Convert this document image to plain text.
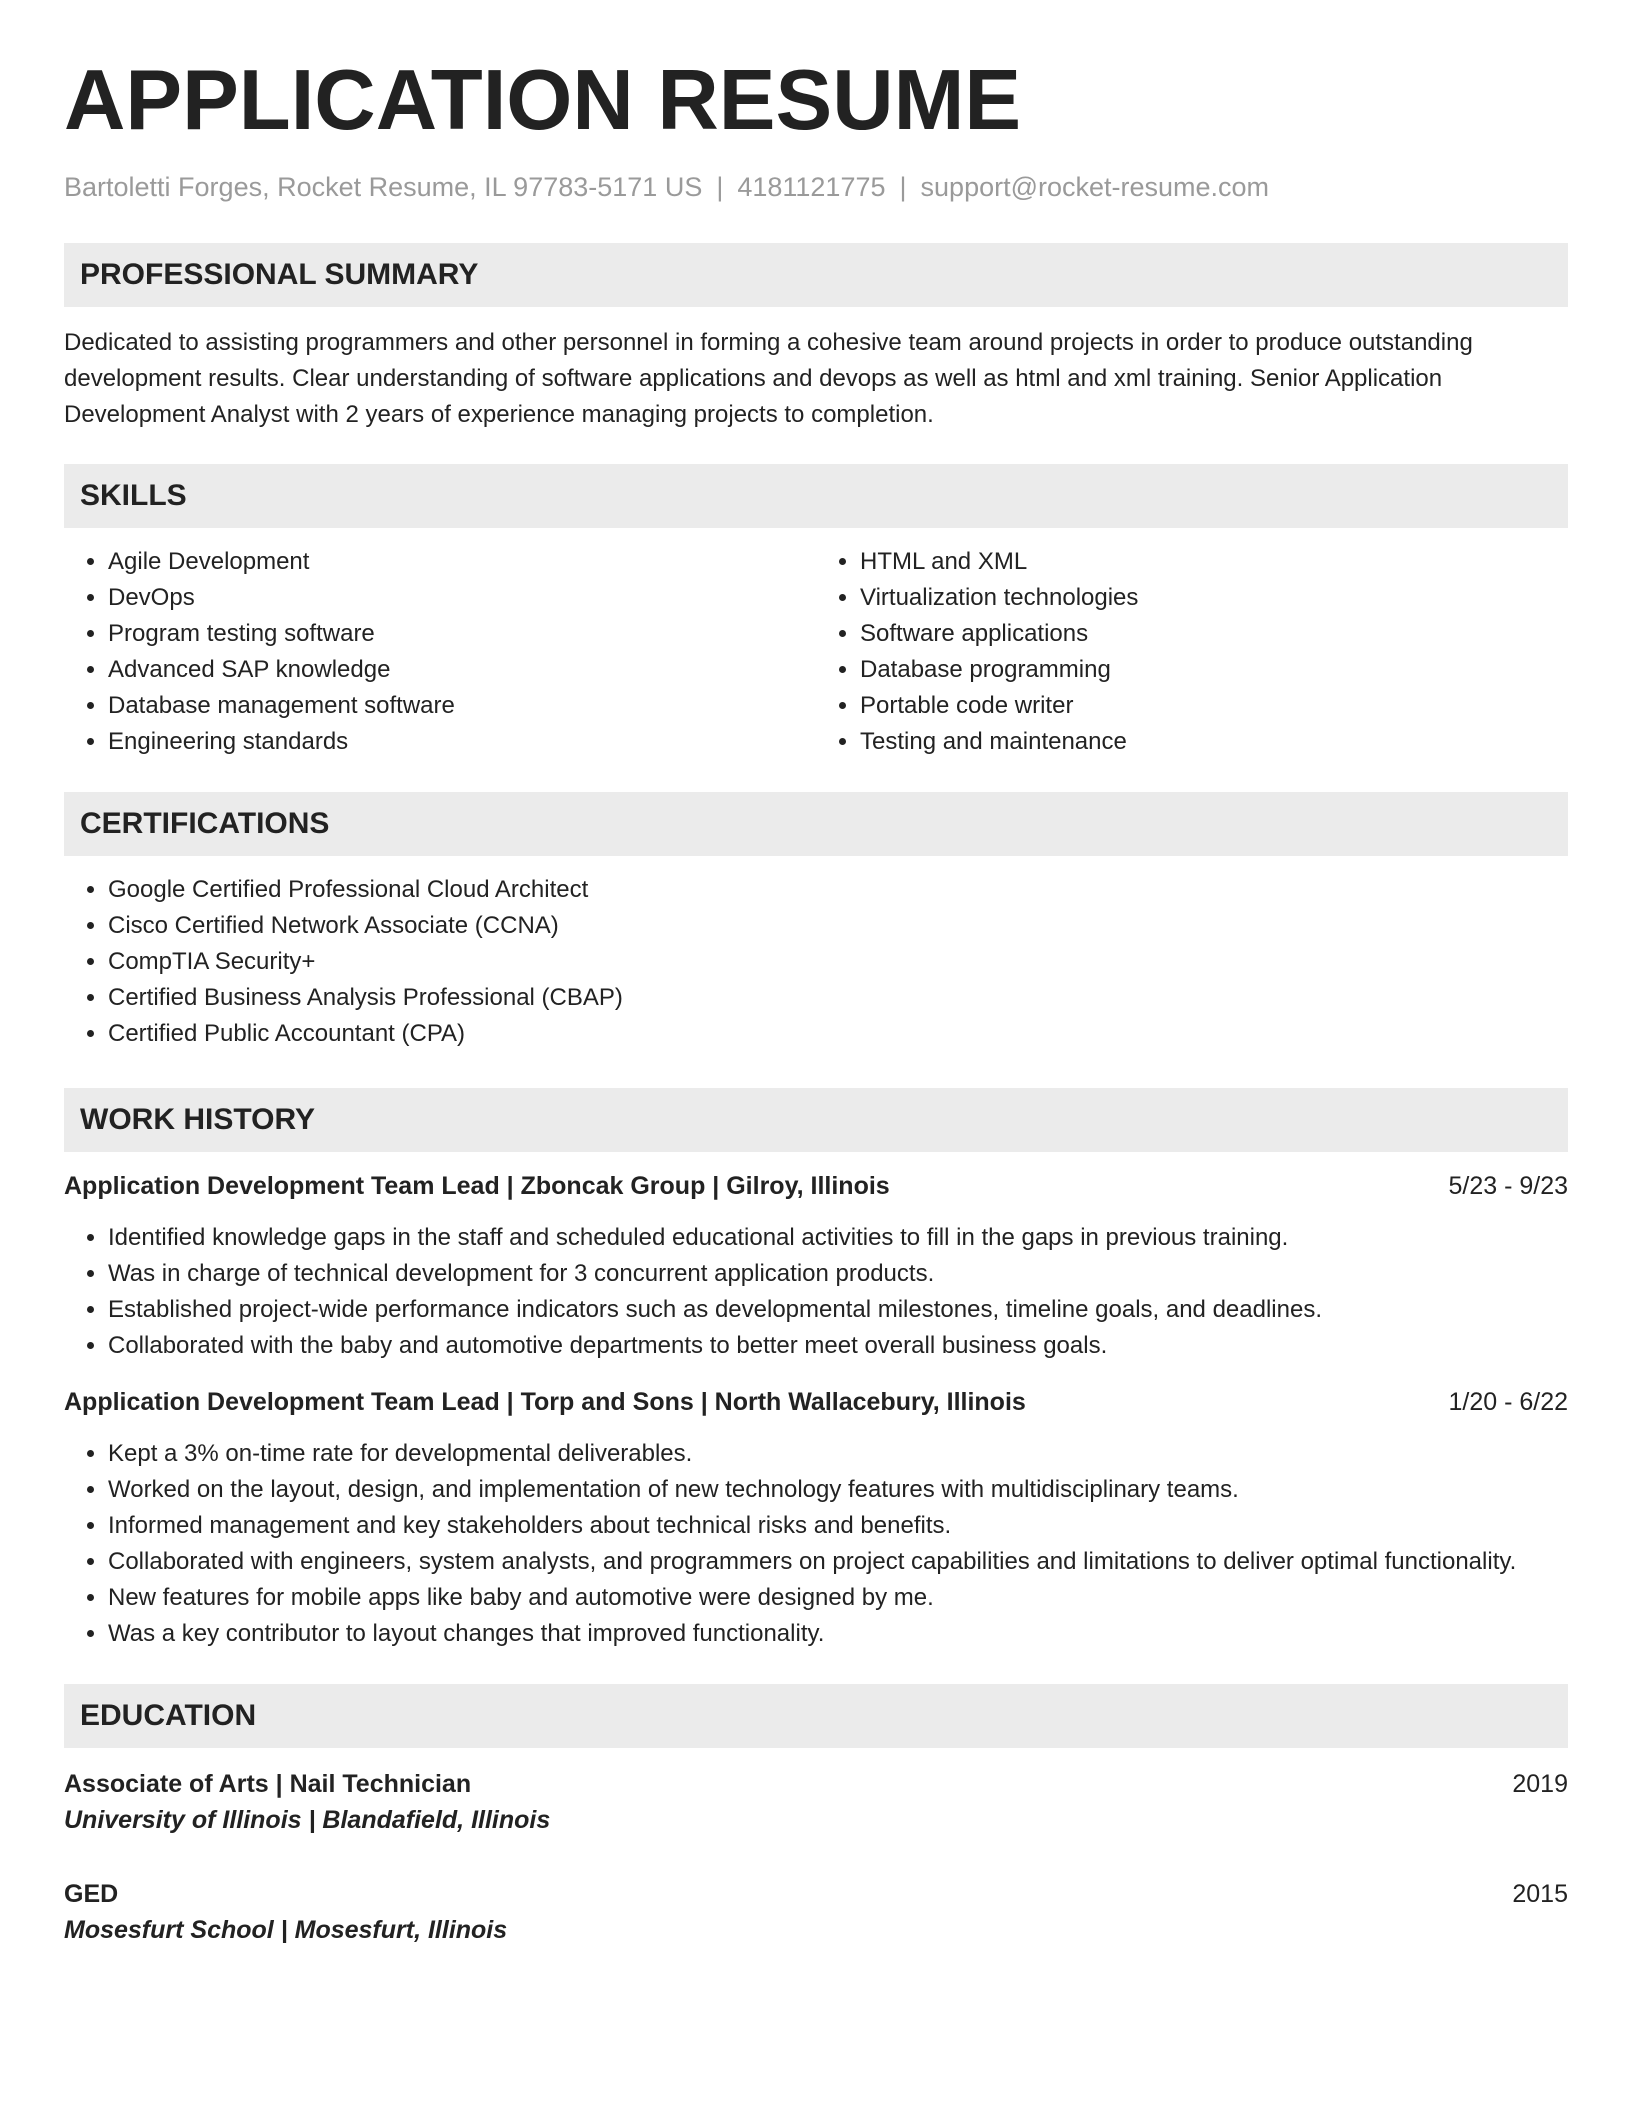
APPLICATION RESUME
Bartoletti Forges, Rocket Resume, IL 97783-5171 US | 4181121775 | support@rocket-resume.com
PROFESSIONAL SUMMARY

Dedicated to assisting programmers and other personnel in forming a cohesive team around projects in order to produce outstanding development results. Clear understanding of software applications and devops as well as html and xml training. Senior Application Development Analyst with 2 years of experience managing projects to completion.

SKILLS
• Agile Development
• DevOps
• Program testing software
• Advanced SAP knowledge
• Database management software
• Engineering standards
• HTML and XML
• Virtualization technologies
• Software applications
• Database programming
• Portable code writer
• Testing and maintenance
CERTIFICATIONS
• Google Certified Professional Cloud Architect
• Cisco Certified Network Associate (CCNA)
• CompTIA Security+
• Certified Business Analysis Professional (CBAP)
• Certified Public Accountant (CPA)
WORK HISTORY
Application Development Team Lead | Zboncak Group | Gilroy, Illinois	5/23 - 9/23
• Identified knowledge gaps in the staff and scheduled educational activities to fill in the gaps in previous training.
• Was in charge of technical development for 3 concurrent application products.
• Established project-wide performance indicators such as developmental milestones, timeline goals, and deadlines.
• Collaborated with the baby and automotive departments to better meet overall business goals.
Application Development Team Lead | Torp and Sons | North Wallacebury, Illinois	1/20 - 6/22
• Kept a 3% on-time rate for developmental deliverables.
• Worked on the layout, design, and implementation of new technology features with multidisciplinary teams.
• Informed management and key stakeholders about technical risks and benefits.
• Collaborated with engineers, system analysts, and programmers on project capabilities and limitations to deliver optimal functionality.
• New features for mobile apps like baby and automotive were designed by me.
• Was a key contributor to layout changes that improved functionality.
EDUCATION
Associate of Arts | Nail Technician	2019
University of Illinois | Blandafield, Illinois
GED	2015
Mosesfurt School | Mosesfurt, Illinois
